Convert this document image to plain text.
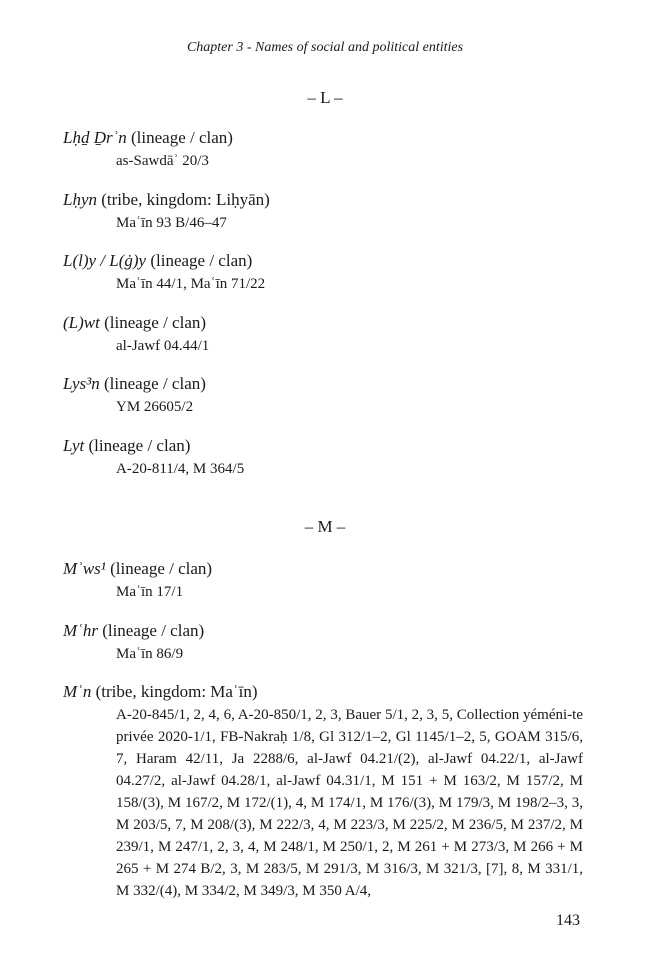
Chapter 3 - Names of social and political entities
– L –
Lḥḏ Ḏrʾn (lineage / clan)
as-Sawdāʾ 20/3
Lḥyn (tribe, kingdom: Liḥyān)
Maʿīn 93 B/46–47
L(l)y / L(ġ)y (lineage / clan)
Maʿīn 44/1, Maʿīn 71/22
(L)wt (lineage / clan)
al-Jawf 04.44/1
Lys³n (lineage / clan)
YM 26605/2
Lyt (lineage / clan)
A-20-811/4, M 364/5
– M –
Mʾws¹ (lineage / clan)
Maʿīn 17/1
Mʿhr (lineage / clan)
Maʿīn 86/9
Mʿn (tribe, kingdom: Maʿīn)
A-20-845/1, 2, 4, 6, A-20-850/1, 2, 3, Bauer 5/1, 2, 3, 5, Collection yéméni-te privée 2020-1/1, FB-Nakraḥ 1/8, Gl 312/1–2, Gl 1145/1–2, 5, GOAM 315/6, 7, Haram 42/11, Ja 2288/6, al-Jawf 04.21/(2), al-Jawf 04.22/1, al-Jawf 04.27/2, al-Jawf 04.28/1, al-Jawf 04.31/1, M 151 + M 163/2, M 157/2, M 158/(3), M 167/2, M 172/(1), 4, M 174/1, M 176/(3), M 179/3, M 198/2–3, 3, M 203/5, 7, M 208/(3), M 222/3, 4, M 223/3, M 225/2, M 236/5, M 237/2, M 239/1, M 247/1, 2, 3, 4, M 248/1, M 250/1, 2, M 261 + M 273/3, M 266 + M 265 + M 274 B/2, 3, M 283/5, M 291/3, M 316/3, M 321/3, [7], 8, M 331/1, M 332/(4), M 334/2, M 349/3, M 350 A/4,
143
